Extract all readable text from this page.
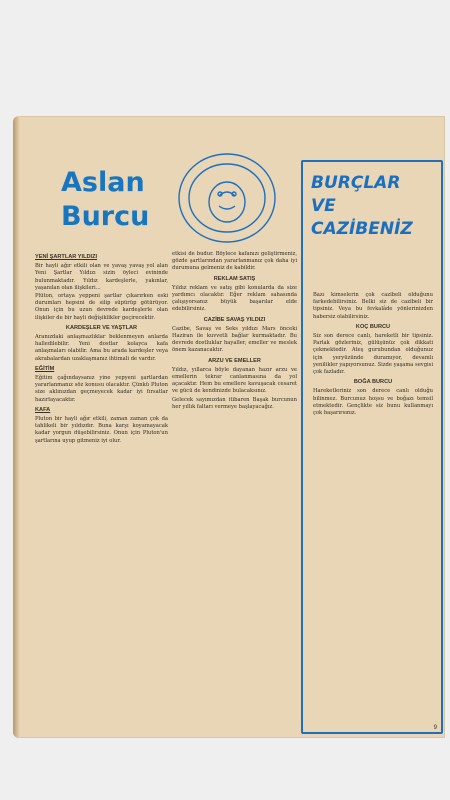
Aslan
Burcu
YENİ ŞARTLAR YILDIZI

Bir hayli ağır etkili olan ve yavaş yavaş yol alan Yeni Şartlar Yıldızı sizin öyleci evininde bulunmaktadır. Yıldız kardeşlerle, yakınlar, yaşanılan olan ilişkileri...

Plüton, ortaya yeppeni şartlar çıkarırken eski durumları hepsini de silip süpürüp götürüyor. Onun için bu uzun devrede kardeşlerle olan ilişkiler de bir hayli değişiklikler geçirecektir.

KARDEŞLER VE YAŞTLAR

Aranızdaki anlaşmazlıklar beklenmeyen anlarda halledilebilir. Yeni dostlar kolayca kafa anlaşmaları olabilir. Ama bu arada kardeşler veya akrabalardan uzaklaşmanız ihtimali de vardır.

EĞİTİM

Eğitim çağındaysanız yine yepyeni şartlardan yararlanmanız söz konusu olacaktır. Çünkü Pluton size aklınızdan geçmeyecek kadar iyi fırsatlar hazırlayacaktır.

KAFA

Pluton bir hayli ağır etkili, zaman zaman çok da tahlikeli bir yıldızdır. Buna karşı koyamayacak kadar yorgun düşebilirsiniz. Onun için Pluton'un şartlarına uyup gitmeniz iyi olur.

etkisi de budur. Böylece kafanızı geliştirmeniz, gözde şartlarından yararlanmanız çok daha iyi durumuna gelmeniz de kabildir.

REKLAM SATIŞ

Yıldız reklam ve satış gibi konularda da size yardımcı olacaktır. Eğer reklam sahasında çalışıyorsanız büyük başarılar elde edebilirsiniz.

CAZİBE SAVAŞ YILDIZI

Cazibe, Savaş ve Seks yıldızı Mars önceki Haziran ile kuvvetli bağlar kurmaktadır. Bu devrede dostluklar hayaller, emeller ve meslek önem kazanacaktır.

ARZU VE EMELLER

Yıldız, yıllarca böyle dayanan hazır arzu ve emellerin tekrar canlanmasına da yol açacaktır. Hem bu emellere kavuşacak cesaret ve gücü de kendinizde bulacaksınız.

Gelecek sayımızdan itibaren Başak burcunun her yıllık faltarı vermeye başlayacağız.

BURÇLAR
VE
CAZİBENİZ

Bazı kimselerin çok cazibeli olduğunu farkedebilirsiniz. Belki siz de cazibeli bir tipsiniz. Veya bu fevkalâde yönlerinizden habersiz olabilirsiniz.

KOÇ BURCU

Siz son derece canlı, hareketli bir tipsiniz. Parlak gözleriniz, gülüşünüz çok dikkati çekmektedir. Ateş gurubundan olduğunuz için yeryüzünde duramıyor, devamlı yenilikler yapıyorsunuz. Sizde yaşama sevgisi çok fazladır.

BOĞA BURCU

Hareketleriniz son derece canlı olduğu bilinmez. Burcunuz hoşsu ve boğazı temsil etmektedir. Gençlikte siz bunu kullanmayı çok başarırsınız.

9
